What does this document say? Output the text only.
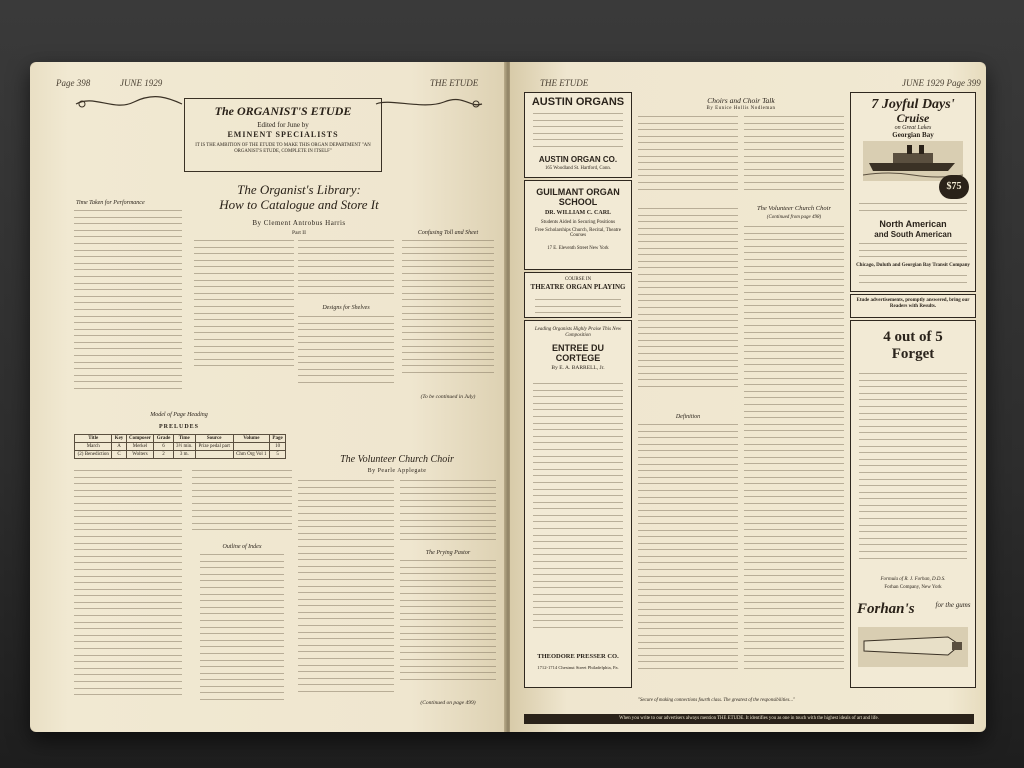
Page 398	JUNE 1929	THE ETUDE
The ORGANIST'S ETUDE
Edited for June by
EMINENT SPECIALISTS
IT IS THE AMBITION OF THE ETUDE TO MAKE THIS ORGAN DEPARTMENT "AN ORGANIST'S ETUDE, COMPLETE IN ITSELF"
The Organist's Library:
How to Catalogue and Store It
By Clement Antrobus Harris
Part II
Time Taken for Performance
Model of Page Heading
Designs for Shelves
Confusing Toll and Sheet
(To be continued in July)
PRELUDES
Title	Key	Composer	Grade	Time	Source	Volume	Page
March	A	Merkel	6	3½ min.	Prize pedal part		10
(2) Benediction	C	Wolters	2	3 m.		Chm Org Vol 1	5
Outline of Index
The Volunteer Church Choir
By Pearle Applegate
The Prying Pastor
(Continued on page 499)
THE ETUDE	JUNE 1929 Page 399
AUSTIN ORGANS
AUSTIN ORGAN CO.
165 Woodland St. Hartford, Conn.
GUILMANT ORGAN SCHOOL
DR. WILLIAM C. CARL
Students Aided in Securing Positions
Free Scholarships Church, Recital, Theatre Courses
17 E. Eleventh Street New York
COURSE IN
THEATRE ORGAN PLAYING
Leading Organists Highly Praise This New Composition
ENTREE DU CORTEGE
By E. A. BARRELL, Jr.
THEODORE PRESSER CO.
1712-1714 Chestnut Street Philadelphia, Pa.
Choirs and Choir Talk
By Eunice Hollis Nodleman
The Volunteer Church Choir
(Continued from page 498)
Definition
7 Joyful Days'
Cruise
on Great Lakes
Georgian Bay
$75
North American
and South American
Chicago, Duluth and Georgian Bay Transit Company
Etude advertisements, promptly answered, bring our Readers with Results.
4 out of 5 Forget
Formula of R. J. Forhan, D.D.S.
Forhan Company, New York
Forhan's	for the gums
"Secure of making connections fourth class. The greatest of the responsibilities..."
When you write to our advertisers always mention THE ETUDE. It identifies you as one in touch with the highest ideals of art and life.
